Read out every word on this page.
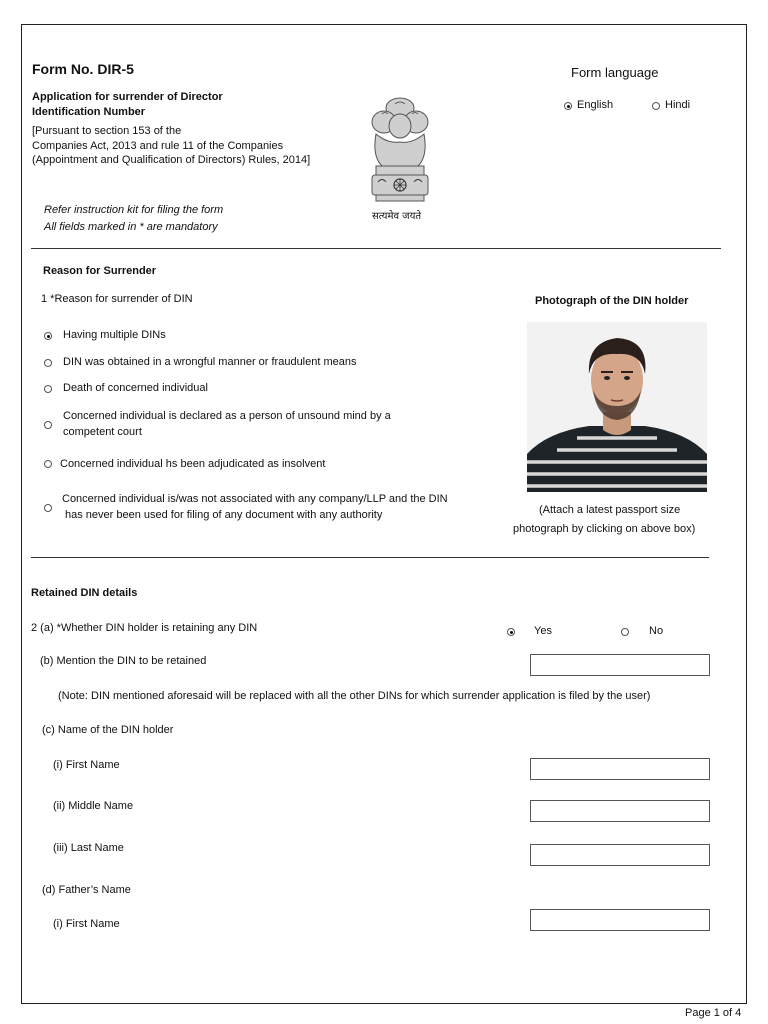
Form No. DIR-5
Application for surrender of Director
Identification Number
[Pursuant to section 153 of the
Companies Act, 2013 and rule 11 of the Companies
(Appointment and Qualification of Directors) Rules, 2014]
Refer instruction kit for filing the form
All fields marked in * are mandatory
सत्यमेव जयते
Form language
English	Hindi
Reason for Surrender
1 *Reason for surrender of DIN
Having multiple DINs
DIN was obtained in a wrongful manner or fraudulent means
Death of concerned individual
Concerned individual is declared as a person of unsound mind by a
competent court
Concerned individual hs been adjudicated as insolvent
Concerned individual is/was not associated with any company/LLP and the DIN
has never been used for filing of any document with any authority
Photograph of the DIN holder
(Attach a latest passport size
photograph by clicking on above box)
Retained DIN details
2 (a) *Whether DIN holder is retaining any DIN	Yes	No
(b) Mention the DIN to be retained
(Note: DIN mentioned aforesaid will be replaced with all the other DINs for which surrender application is filed by the user)
(c) Name of the DIN holder
(i) First Name
(ii) Middle Name
(iii) Last Name
(d) Father’s Name
(i) First Name
Page 1 of 4
